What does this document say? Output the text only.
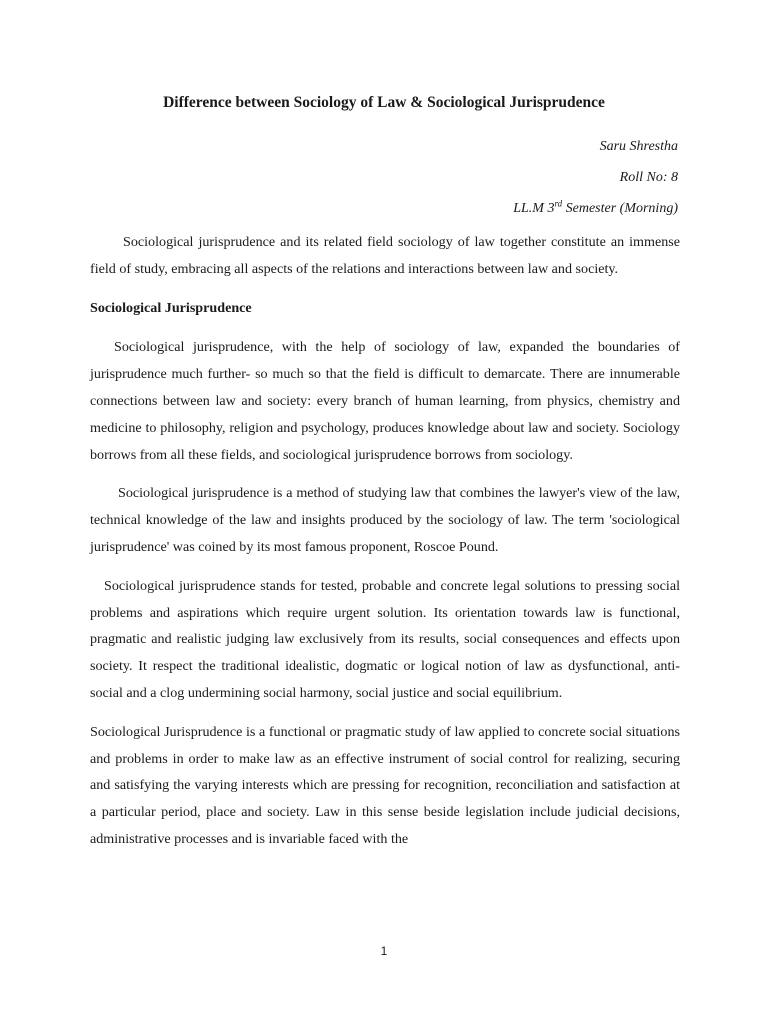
Difference between Sociology of Law & Sociological Jurisprudence
Saru Shrestha
Roll No: 8
LL.M 3rd Semester (Morning)

Sociological jurisprudence and its related field sociology of law together constitute an immense field of study, embracing all aspects of the relations and interactions between law and society.

Sociological Jurisprudence

Sociological jurisprudence, with the help of sociology of law, expanded the boundaries of jurisprudence much further- so much so that the field is difficult to demarcate. There are innumerable connections between law and society: every branch of human learning, from physics, chemistry and medicine to philosophy, religion and psychology, produces knowledge about law and society. Sociology borrows from all these fields, and sociological jurisprudence borrows from sociology.

Sociological jurisprudence is a method of studying law that combines the lawyer's view of the law, technical knowledge of the law and insights produced by the sociology of law. The term 'sociological jurisprudence' was coined by its most famous proponent, Roscoe Pound.

Sociological jurisprudence stands for tested, probable and concrete legal solutions to pressing social problems and aspirations which require urgent solution. Its orientation towards law is functional, pragmatic and realistic judging law exclusively from its results, social consequences and effects upon society. It respect the traditional idealistic, dogmatic or logical notion of law as dysfunctional, anti-social and a clog undermining social harmony, social justice and social equilibrium.

Sociological Jurisprudence is a functional or pragmatic study of law applied to concrete social situations and problems in order to make law as an effective instrument of social control for realizing, securing and satisfying the varying interests which are pressing for recognition, reconciliation and satisfaction at a particular period, place and society. Law in this sense beside legislation include judicial decisions, administrative processes and is invariable faced with the

1
